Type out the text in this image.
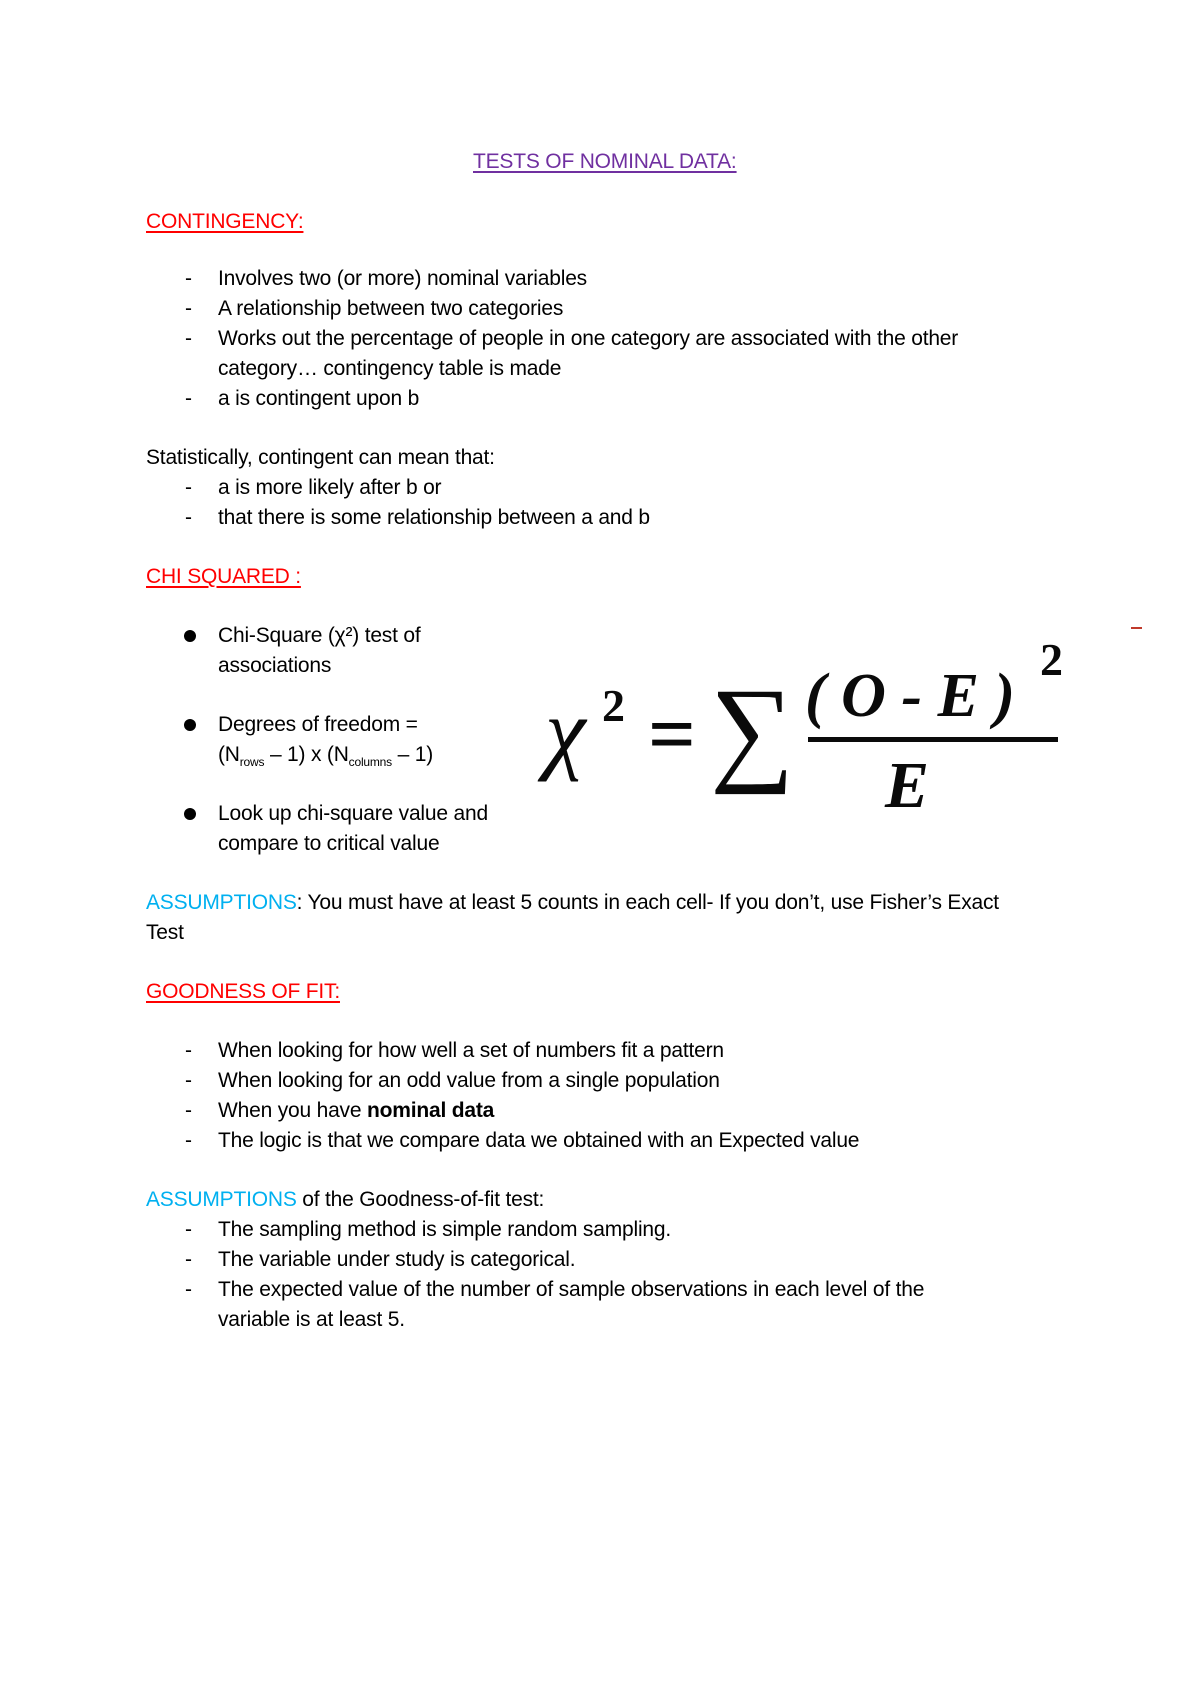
TESTS OF NOMINAL DATA:
CONTINGENCY:
- Involves two (or more) nominal variables
- A relationship between two categories
- Works out the percentage of people in one category are associated with the other
category… contingency table is made
- a is contingent upon b
Statistically, contingent can mean that:
- a is more likely after b or
- that there is some relationship between a and b
CHI SQUARED :
Chi-Square (χ²) test of
associations
Degrees of freedom =
$(N_{rows} - 1)$ x $(N_{columns} - 1)$
Look up chi-square value and
compare to critical value
χ 2 = ∑ ( O - E )
2
E
ASSUMPTIONS: You must have at least 5 counts in each cell- If you don’t, use Fisher’s Exact
Test
GOODNESS OF FIT:
- When looking for how well a set of numbers fit a pattern
- When looking for an odd value from a single population
- When you have nominal data
- The logic is that we compare data we obtained with an Expected value
ASSUMPTIONS of the Goodness-of-fit test:
- The sampling method is simple random sampling.
- The variable under study is categorical.
- The expected value of the number of sample observations in each level of the
variable is at least 5.
